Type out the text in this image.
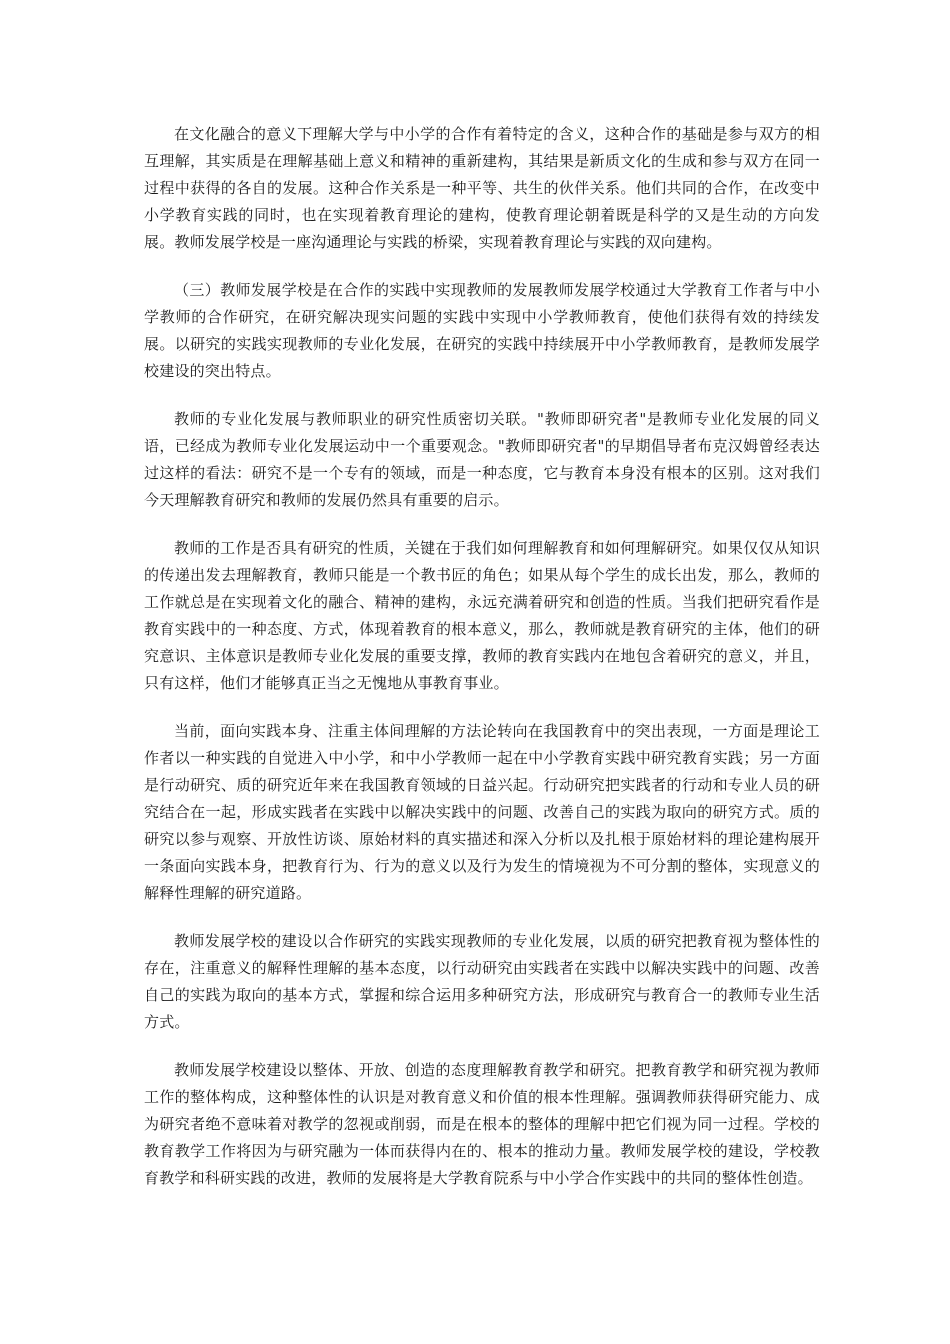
在文化融合的意义下理解大学与中小学的合作有着特定的含义，这种合作的基础是参与双方的相互理解，其实质是在理解基础上意义和精神的重新建构，其结果是新质文化的生成和参与双方在同一过程中获得的各自的发展。这种合作关系是一种平等、共生的伙伴关系。他们共同的合作，在改变中小学教育实践的同时，也在实现着教育理论的建构，使教育理论朝着既是科学的又是生动的方向发展。教师发展学校是一座沟通理论与实践的桥梁，实现着教育理论与实践的双向建构。

（三）教师发展学校是在合作的实践中实现教师的发展教师发展学校通过大学教育工作者与中小学教师的合作研究，在研究解决现实问题的实践中实现中小学教师教育，使他们获得有效的持续发展。以研究的实践实现教师的专业化发展，在研究的实践中持续展开中小学教师教育，是教师发展学校建设的突出特点。

教师的专业化发展与教师职业的研究性质密切关联。"教师即研究者"是教师专业化发展的同义语，已经成为教师专业化发展运动中一个重要观念。"教师即研究者"的早期倡导者布克汉姆曾经表达过这样的看法：研究不是一个专有的领域，而是一种态度，它与教育本身没有根本的区别。这对我们今天理解教育研究和教师的发展仍然具有重要的启示。

教师的工作是否具有研究的性质，关键在于我们如何理解教育和如何理解研究。如果仅仅从知识的传递出发去理解教育，教师只能是一个教书匠的角色；如果从每个学生的成长出发，那么，教师的工作就总是在实现着文化的融合、精神的建构，永远充满着研究和创造的性质。当我们把研究看作是教育实践中的一种态度、方式，体现着教育的根本意义，那么，教师就是教育研究的主体，他们的研究意识、主体意识是教师专业化发展的重要支撑，教师的教育实践内在地包含着研究的意义，并且，只有这样，他们才能够真正当之无愧地从事教育事业。

当前，面向实践本身、注重主体间理解的方法论转向在我国教育中的突出表现，一方面是理论工作者以一种实践的自觉进入中小学，和中小学教师一起在中小学教育实践中研究教育实践；另一方面是行动研究、质的研究近年来在我国教育领域的日益兴起。行动研究把实践者的行动和专业人员的研究结合在一起，形成实践者在实践中以解决实践中的问题、改善自己的实践为取向的研究方式。质的研究以参与观察、开放性访谈、原始材料的真实描述和深入分析以及扎根于原始材料的理论建构展开一条面向实践本身，把教育行为、行为的意义以及行为发生的情境视为不可分割的整体，实现意义的解释性理解的研究道路。

教师发展学校的建设以合作研究的实践实现教师的专业化发展，以质的研究把教育视为整体性的存在，注重意义的解释性理解的基本态度，以行动研究由实践者在实践中以解决实践中的问题、改善自己的实践为取向的基本方式，掌握和综合运用多种研究方法，形成研究与教育合一的教师专业生活方式。

教师发展学校建设以整体、开放、创造的态度理解教育教学和研究。把教育教学和研究视为教师工作的整体构成，这种整体性的认识是对教育意义和价值的根本性理解。强调教师获得研究能力、成为研究者绝不意味着对教学的忽视或削弱，而是在根本的整体的理解中把它们视为同一过程。学校的教育教学工作将因为与研究融为一体而获得内在的、根本的推动力量。教师发展学校的建设，学校教育教学和科研实践的改进，教师的发展将是大学教育院系与中小学合作实践中的共同的整体性创造。
